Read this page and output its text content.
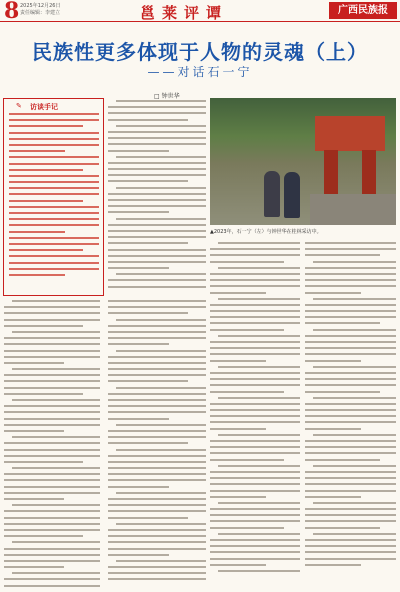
8 2025年12月26日
责任编辑：李建立	邕莱评谭	广西民族报
民族性更多体现于人物的灵魂（上）
——对话石一宁
□ 钟世华
✎ 访谈手记
▲2023年，石一宁（左）与钟世华在桂林采访中。
